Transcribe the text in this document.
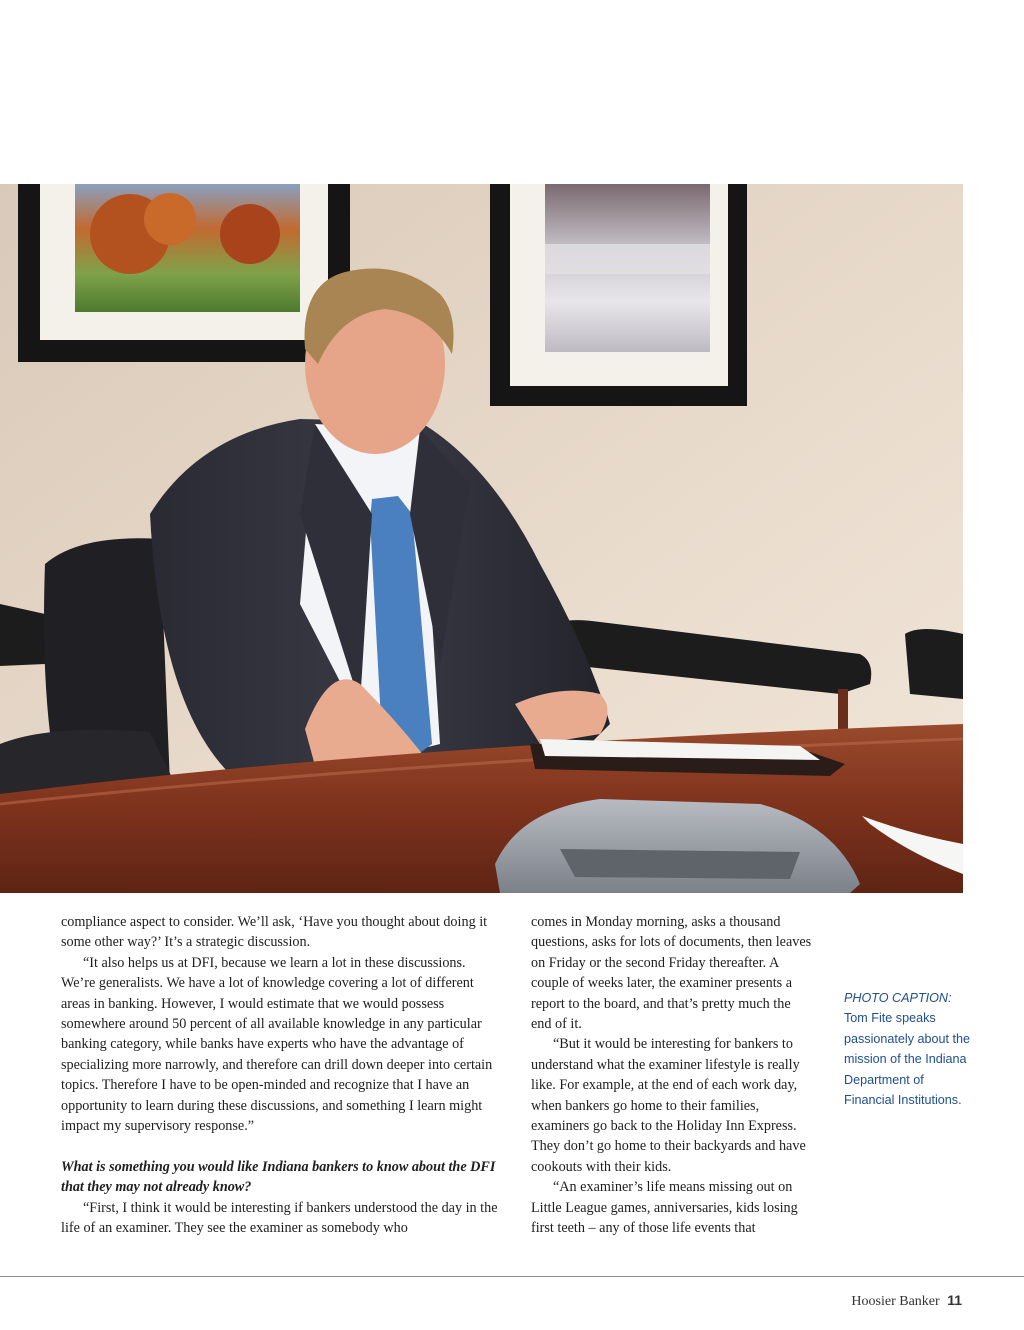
compliance aspect to consider. We’ll ask, ‘Have you thought about doing it some other way?’ It’s a strategic discussion.

“It also helps us at DFI, because we learn a lot in these discussions. We’re generalists. We have a lot of knowledge covering a lot of different areas in banking. However, I would estimate that we would possess somewhere around 50 percent of all available knowledge in any particular banking category, while banks have experts who have the advantage of specializing more narrowly, and therefore can drill down deeper into certain topics. Therefore I have to be open-minded and recognize that I have an opportunity to learn during these discussions, and something I learn might impact my supervisory response.”

What is something you would like Indiana bankers to know about the DFI that they may not already know?

“First, I think it would be interesting if bankers understood the day in the life of an examiner. They see the examiner as somebody who

comes in Monday morning, asks a thousand questions, asks for lots of documents, then leaves on Friday or the second Friday thereafter. A couple of weeks later, the examiner presents a report to the board, and that’s pretty much the end of it.

“But it would be interesting for bankers to understand what the examiner lifestyle is really like. For example, at the end of each work day, when bankers go home to their families, examiners go back to the Holiday Inn Express. They don’t go home to their backyards and have cookouts with their kids.

“An examiner’s life means missing out on Little League games, anniversaries, kids losing first teeth – any of those life events that

PHOTO CAPTION:
Tom Fite speaks passionately about the mission of the Indiana Department of Financial Institutions.
Hoosier Banker 11
